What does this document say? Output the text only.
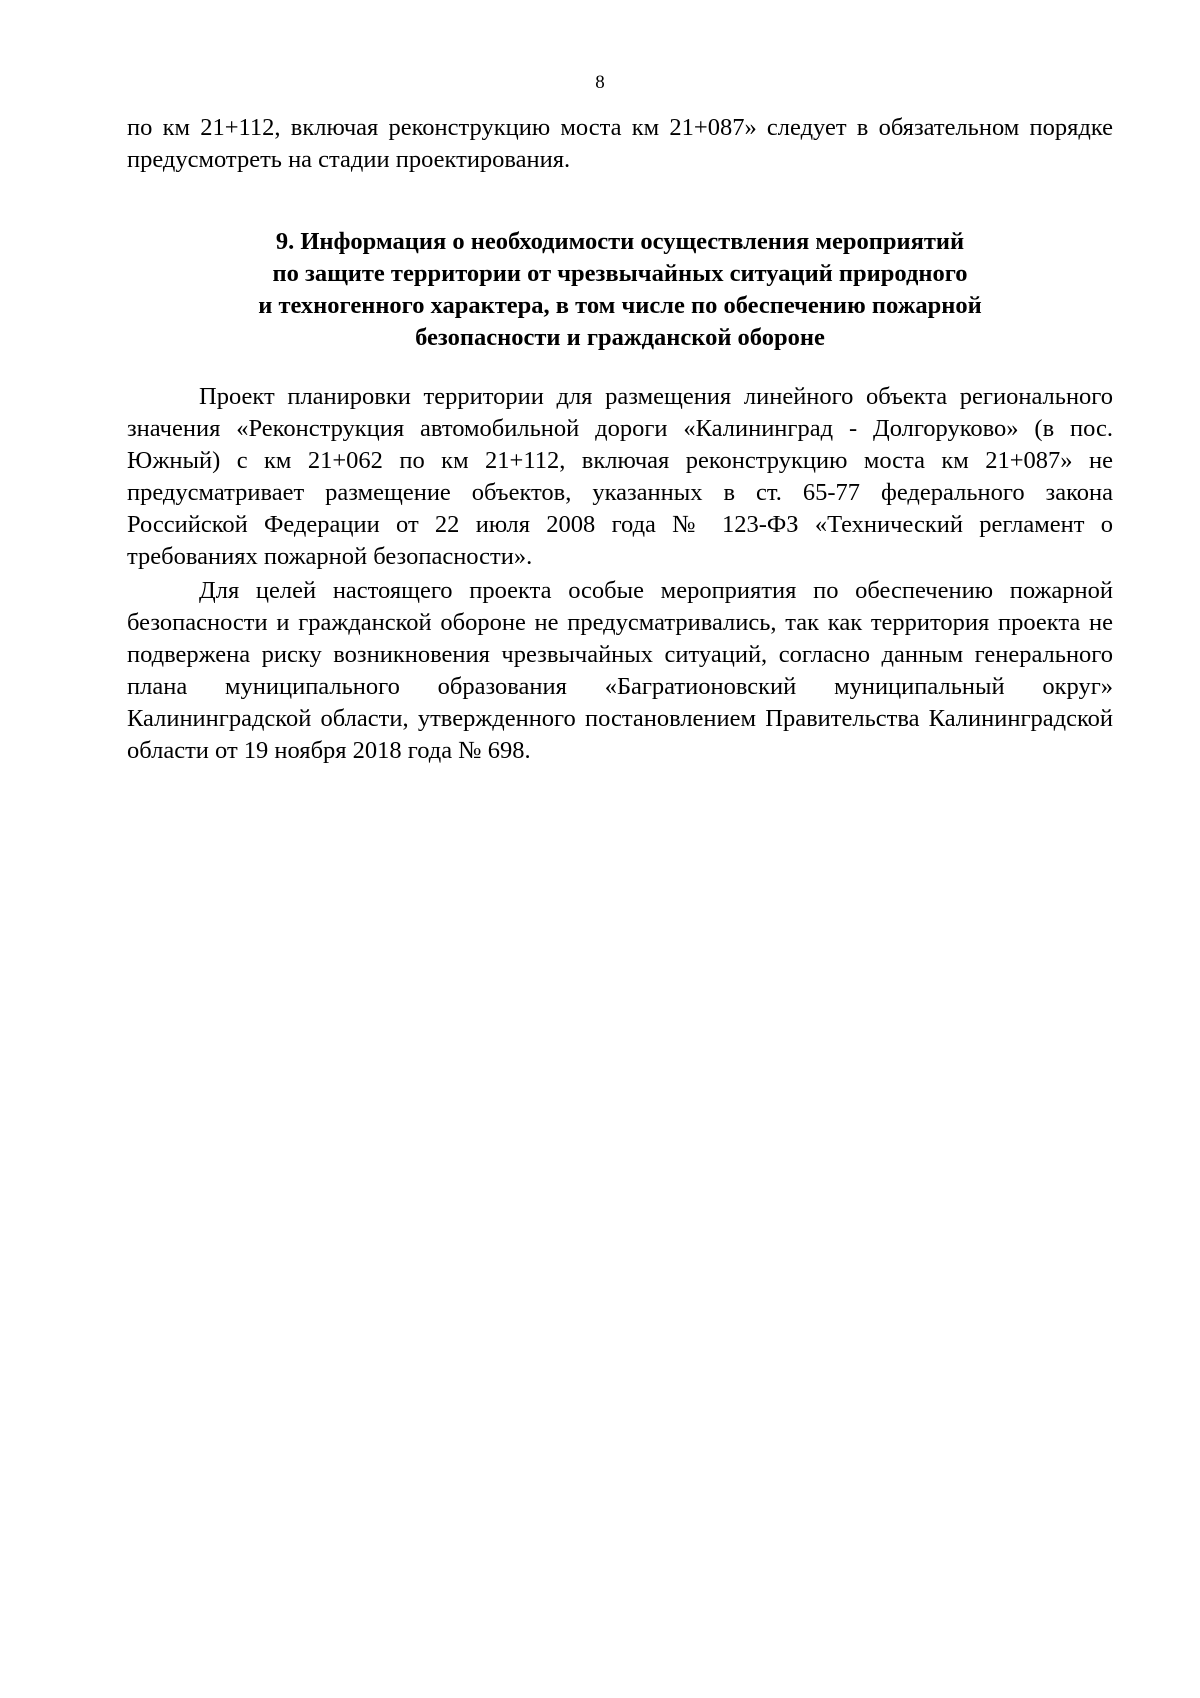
8

по км 21+112, включая реконструкцию моста км 21+087» следует в обязательном порядке предусмотреть на стадии проектирования.

9. Информация о необходимости осуществления мероприятий
по защите территории от чрезвычайных ситуаций природного
и техногенного характера, в том числе по обеспечению пожарной
безопасности и гражданской обороне

Проект планировки территории для размещения линейного объекта регионального значения «Реконструкция автомобильной дороги «Калининград - Долгоруково» (в пос. Южный) с км 21+062 по км 21+112, включая реконструкцию моста км 21+087» не предусматривает размещение объектов, указанных в ст. 65-77 федерального закона Российской Федерации от 22 июля 2008 года № 123-ФЗ «Технический регламент о требованиях пожарной безопасности».

Для целей настоящего проекта особые мероприятия по обеспечению пожарной безопасности и гражданской обороне не предусматривались, так как территория проекта не подвержена риску возникновения чрезвычайных ситуаций, согласно данным генерального плана муниципального образования «Багратионовский муниципальный округ» Калининградской области, утвержденного постановлением Правительства Калининградской области от 19 ноября 2018 года № 698.
